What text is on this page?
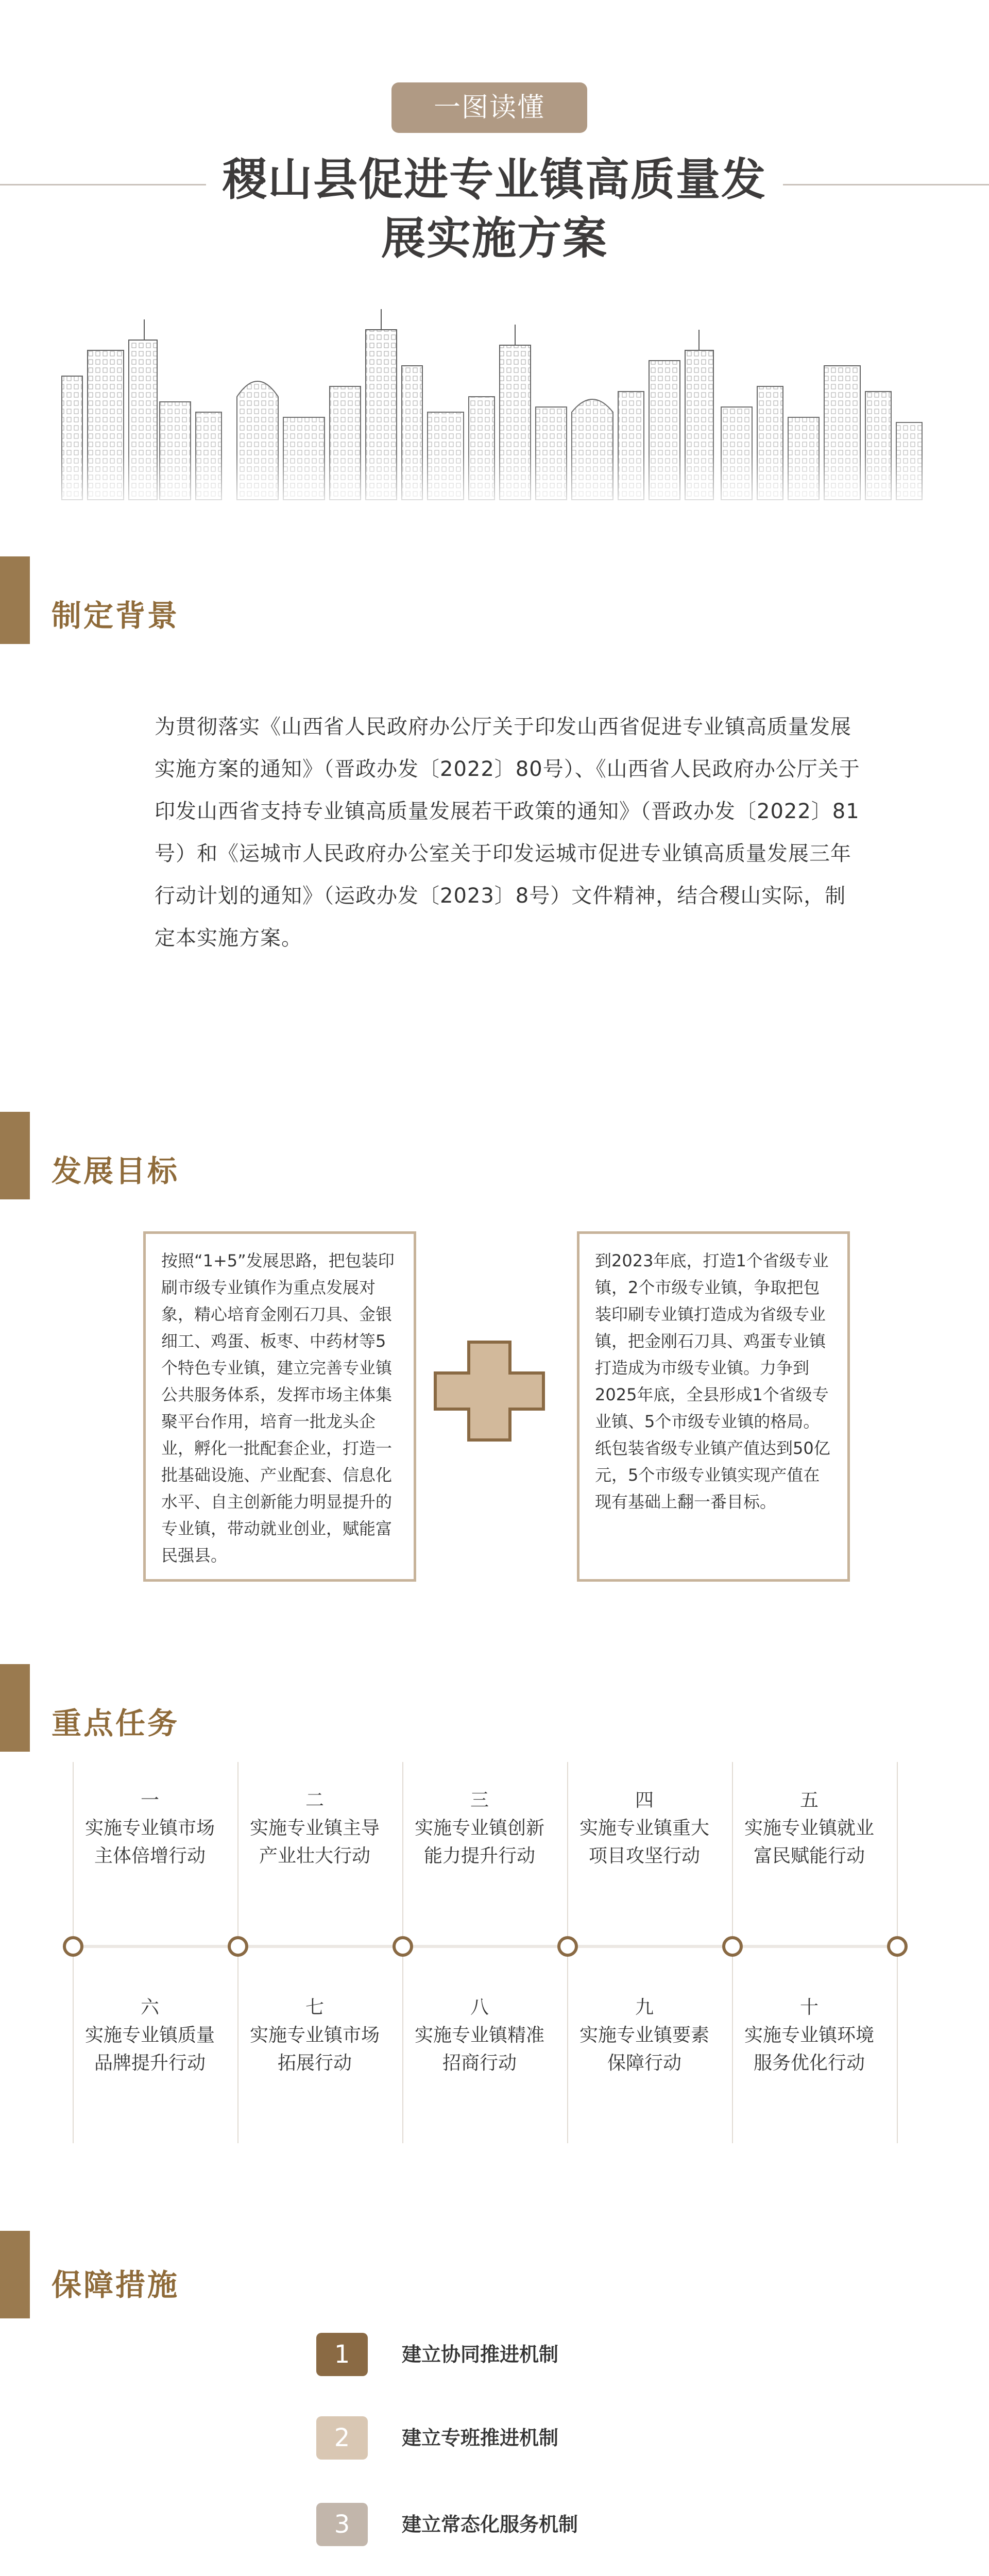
一图读懂
稷山县促进专业镇高质量发
展实施方案
制定背景
为贯彻落实《山西省人民政府办公厅关于印发山西省促进专业镇高质量发展实施方案的通知》（晋政办发〔2022〕80号）、《山西省人民政府办公厅关于印发山西省支持专业镇高质量发展若干政策的通知》（晋政办发〔2022〕81号）和《运城市人民政府办公室关于印发运城市促进专业镇高质量发展三年行动计划的通知》（运政办发〔2023〕8号）文件精神，结合稷山实际，制定本实施方案。
发展目标
按照“1+5”发展思路，把包装印刷市级专业镇作为重点发展对象，精心培育金刚石刀具、金银细工、鸡蛋、板枣、中药材等5个特色专业镇，建立完善专业镇公共服务体系，发挥市场主体集聚平台作用，培育一批龙头企业，孵化一批配套企业，打造一批基础设施、产业配套、信息化水平、自主创新能力明显提升的专业镇，带动就业创业，赋能富民强县。
到2023年底，打造1个省级专业镇，2个市级专业镇，争取把包装印刷专业镇打造成为省级专业镇，把金刚石刀具、鸡蛋专业镇打造成为市级专业镇。力争到2025年底，全县形成1个省级专业镇、5个市级专业镇的格局。纸包装省级专业镇产值达到50亿元，5个市级专业镇实现产值在现有基础上翻一番目标。
重点任务
一
实施专业镇市场
主体倍增行动
二
实施专业镇主导
产业壮大行动
三
实施专业镇创新
能力提升行动
四
实施专业镇重大
项目攻坚行动
五
实施专业镇就业
富民赋能行动
六
实施专业镇质量
品牌提升行动
七
实施专业镇市场
拓展行动
八
实施专业镇精准
招商行动
九
实施专业镇要素
保障行动
十
实施专业镇环境
服务优化行动
保障措施
1	建立协同推进机制
2	建立专班推进机制
3	建立常态化服务机制
